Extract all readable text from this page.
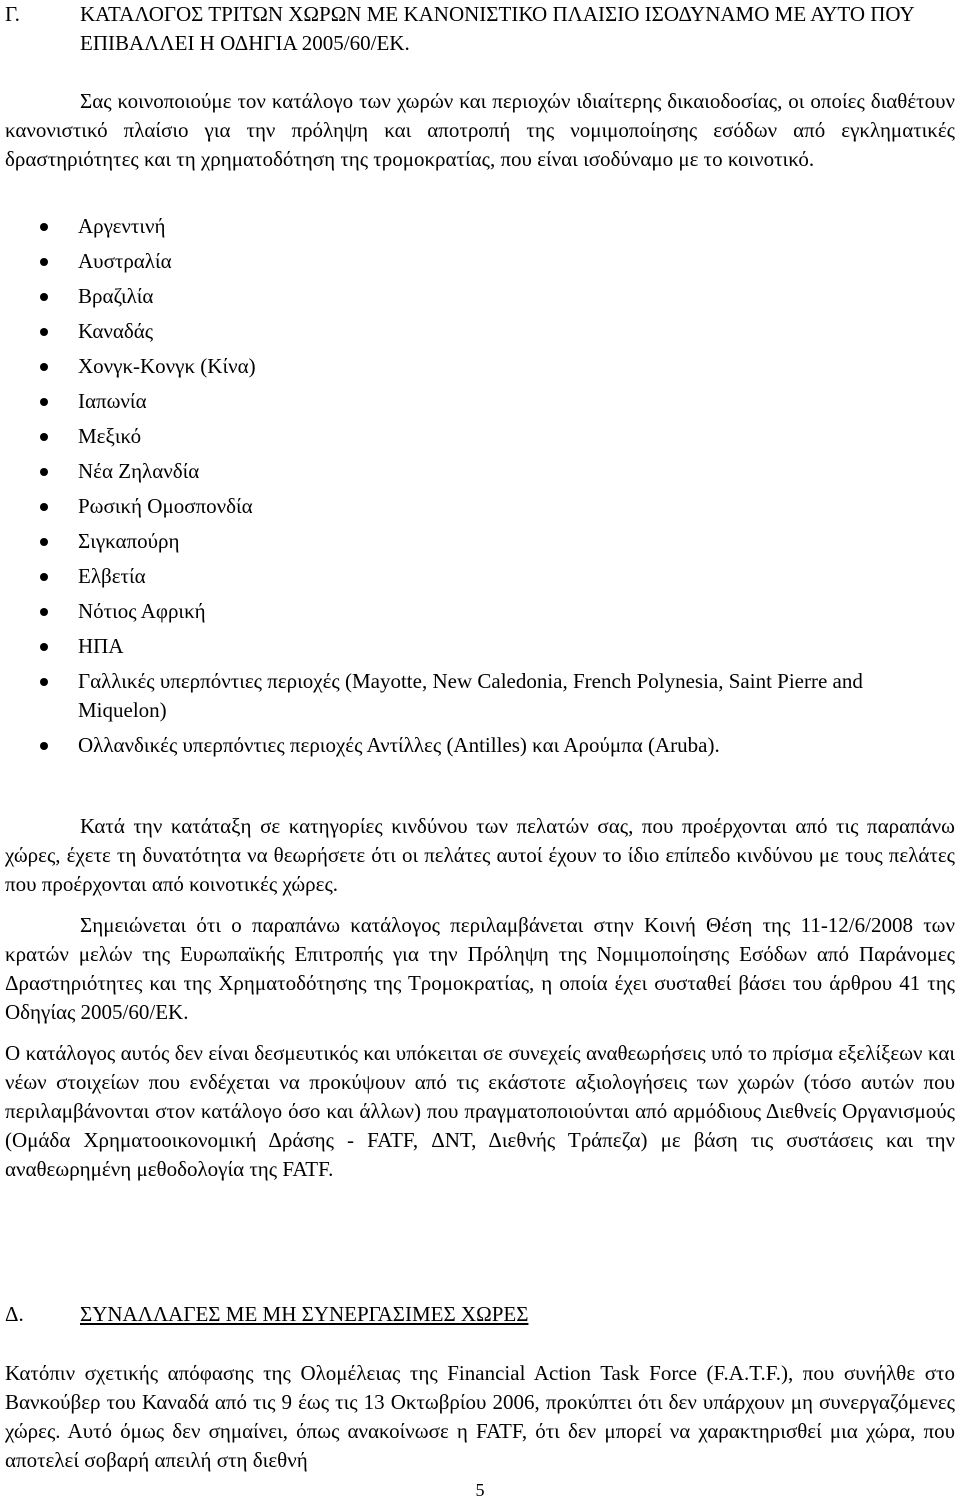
Γ.	ΚΑΤΑΛΟΓΟΣ ΤΡΙΤΩΝ ΧΩΡΩΝ ΜΕ ΚΑΝΟΝΙΣΤΙΚΟ ΠΛΑΙΣΙΟ ΙΣΟΔΥΝΑΜΟ ΜΕ ΑΥΤΟ ΠΟΥ ΕΠΙΒΑΛΛΕΙ Η ΟΔΗΓΙΑ 2005/60/ΕΚ.
Σας κοινοποιούμε τον κατάλογο των χωρών και περιοχών ιδιαίτερης δικαιοδοσίας, οι οποίες διαθέτουν κανονιστικό πλαίσιο για την πρόληψη και αποτροπή της νομιμοποίησης εσόδων από εγκληματικές δραστηριότητες και τη χρηματοδότηση της τρομοκρατίας, που είναι ισοδύναμο με το κοινοτικό.
Αργεντινή
Αυστραλία
Βραζιλία
Καναδάς
Χονγκ-Κονγκ (Κίνα)
Ιαπωνία
Μεξικό
Νέα Ζηλανδία
Ρωσική Ομοσπονδία
Σιγκαπούρη
Ελβετία
Νότιος Αφρική
ΗΠΑ
Γαλλικές υπερπόντιες περιοχές (Mayotte, New Caledonia, French Polynesia, Saint Pierre and Miquelon)
Ολλανδικές υπερπόντιες περιοχές Αντίλλες (Antilles) και Αρούμπα (Aruba).
Κατά την κατάταξη σε κατηγορίες κινδύνου των πελατών σας, που προέρχονται από τις παραπάνω χώρες, έχετε τη δυνατότητα να θεωρήσετε ότι οι πελάτες αυτοί έχουν το ίδιο επίπεδο κινδύνου με τους πελάτες που προέρχονται από κοινοτικές χώρες.
Σημειώνεται ότι ο παραπάνω κατάλογος περιλαμβάνεται στην Κοινή Θέση της 11-12/6/2008 των κρατών μελών της Ευρωπαϊκής Επιτροπής για την Πρόληψη της Νομιμοποίησης Εσόδων από Παράνομες Δραστηριότητες και της Χρηματοδότησης της Τρομοκρατίας, η οποία έχει συσταθεί βάσει του άρθρου 41 της Οδηγίας 2005/60/ΕΚ.
Ο κατάλογος αυτός δεν είναι δεσμευτικός και υπόκειται σε συνεχείς αναθεωρήσεις υπό το πρίσμα εξελίξεων και νέων στοιχείων που ενδέχεται να προκύψουν από τις εκάστοτε αξιολογήσεις των χωρών (τόσο αυτών που περιλαμβάνονται στον κατάλογο όσο και άλλων) που πραγματοποιούνται από αρμόδιους Διεθνείς Οργανισμούς (Ομάδα Χρηματοοικονομική Δράσης - FATF, ΔΝΤ, Διεθνής Τράπεζα) με βάση τις συστάσεις και την αναθεωρημένη μεθοδολογία της FATF.
Δ.	ΣΥΝΑΛΛΑΓΕΣ ΜΕ ΜΗ ΣΥΝΕΡΓΑΣΙΜΕΣ ΧΩΡΕΣ
Κατόπιν σχετικής απόφασης της Ολομέλειας της Financial Action Task Force (F.A.T.F.), που συνήλθε στο Βανκούβερ του Καναδά από τις 9 έως τις 13 Οκτωβρίου 2006, προκύπτει ότι δεν υπάρχουν μη συνεργαζόμενες χώρες. Αυτό όμως δεν σημαίνει, όπως ανακοίνωσε η FATF, ότι δεν μπορεί να χαρακτηρισθεί μια χώρα, που αποτελεί σοβαρή απειλή στη διεθνή
5
